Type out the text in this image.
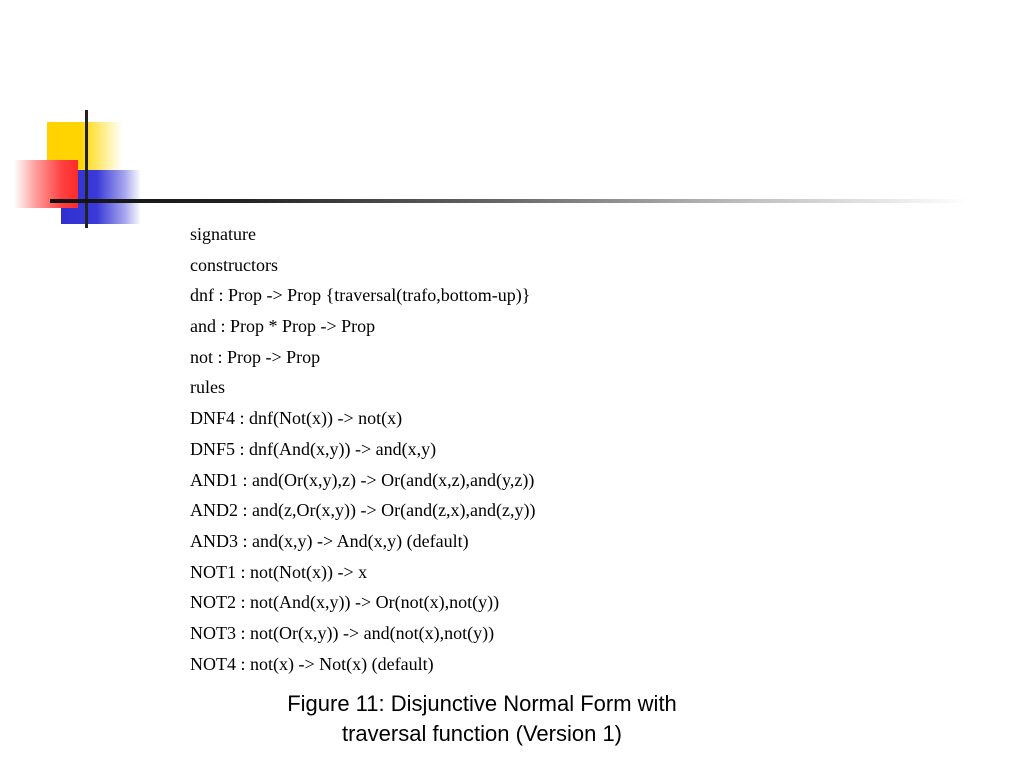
signature
constructors
dnf : Prop -> Prop {traversal(trafo,bottom-up)}
and : Prop * Prop -> Prop
not : Prop -> Prop
rules
DNF4 : dnf(Not(x)) -> not(x)
DNF5 : dnf(And(x,y)) -> and(x,y)
AND1 : and(Or(x,y),z) -> Or(and(x,z),and(y,z))
AND2 : and(z,Or(x,y)) -> Or(and(z,x),and(z,y))
AND3 : and(x,y) -> And(x,y) (default)
NOT1 : not(Not(x)) -> x
NOT2 : not(And(x,y)) -> Or(not(x),not(y))
NOT3 : not(Or(x,y)) -> and(not(x),not(y))
NOT4 : not(x) -> Not(x) (default)
Figure 11: Disjunctive Normal Form with
traversal function (Version 1)
